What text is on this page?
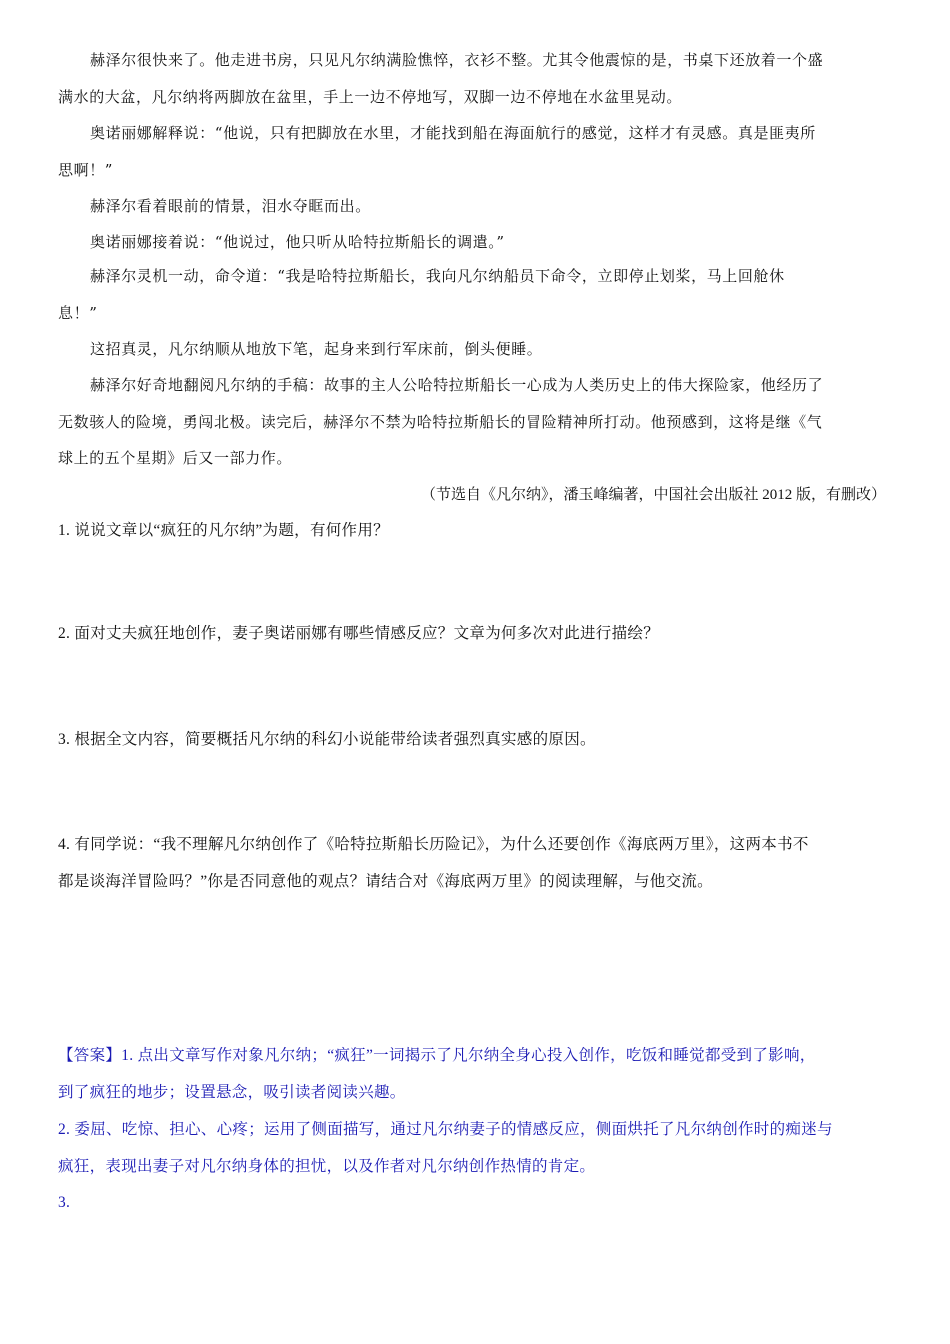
赫泽尔很快来了。他走进书房，只见凡尔纳满脸憔悴，衣衫不整。尤其令他震惊的是，书桌下还放着一个盛
满水的大盆，凡尔纳将两脚放在盆里，手上一边不停地写，双脚一边不停地在水盆里晃动。
奥诺丽娜解释说：“他说，只有把脚放在水里，才能找到船在海面航行的感觉，这样才有灵感。真是匪夷所
思啊！”
赫泽尔看着眼前的情景，泪水夺眶而出。
奥诺丽娜接着说：“他说过，他只听从哈特拉斯船长的调遣。”
赫泽尔灵机一动，命令道：“我是哈特拉斯船长，我向凡尔纳船员下命令，立即停止划桨，马上回舱休
息！”
这招真灵，凡尔纳顺从地放下笔，起身来到行军床前，倒头便睡。
赫泽尔好奇地翻阅凡尔纳的手稿：故事的主人公哈特拉斯船长一心成为人类历史上的伟大探险家，他经历了
无数骇人的险境，勇闯北极。读完后，赫泽尔不禁为哈特拉斯船长的冒险精神所打动。他预感到，这将是继《气
球上的五个星期》后又一部力作。
（节选自《凡尔纳》，潘玉峰编著，中国社会出版社 2012 版，有删改）
1. 说说文章以“疯狂的凡尔纳”为题，有何作用？
2. 面对丈夫疯狂地创作，妻子奥诺丽娜有哪些情感反应？文章为何多次对此进行描绘？
3. 根据全文内容，简要概括凡尔纳的科幻小说能带给读者强烈真实感的原因。
4. 有同学说：“我不理解凡尔纳创作了《哈特拉斯船长历险记》，为什么还要创作《海底两万里》，这两本书不
都是谈海洋冒险吗？”你是否同意他的观点？请结合对《海底两万里》的阅读理解，与他交流。
【答案】1. 点出文章写作对象凡尔纳；“疯狂”一词揭示了凡尔纳全身心投入创作，吃饭和睡觉都受到了影响，
到了疯狂的地步；设置悬念，吸引读者阅读兴趣。
2. 委屈、吃惊、担心、心疼；运用了侧面描写，通过凡尔纳妻子的情感反应，侧面烘托了凡尔纳创作时的痴迷与
疯狂，表现出妻子对凡尔纳身体的担忧，以及作者对凡尔纳创作热情的肯定。
3.
